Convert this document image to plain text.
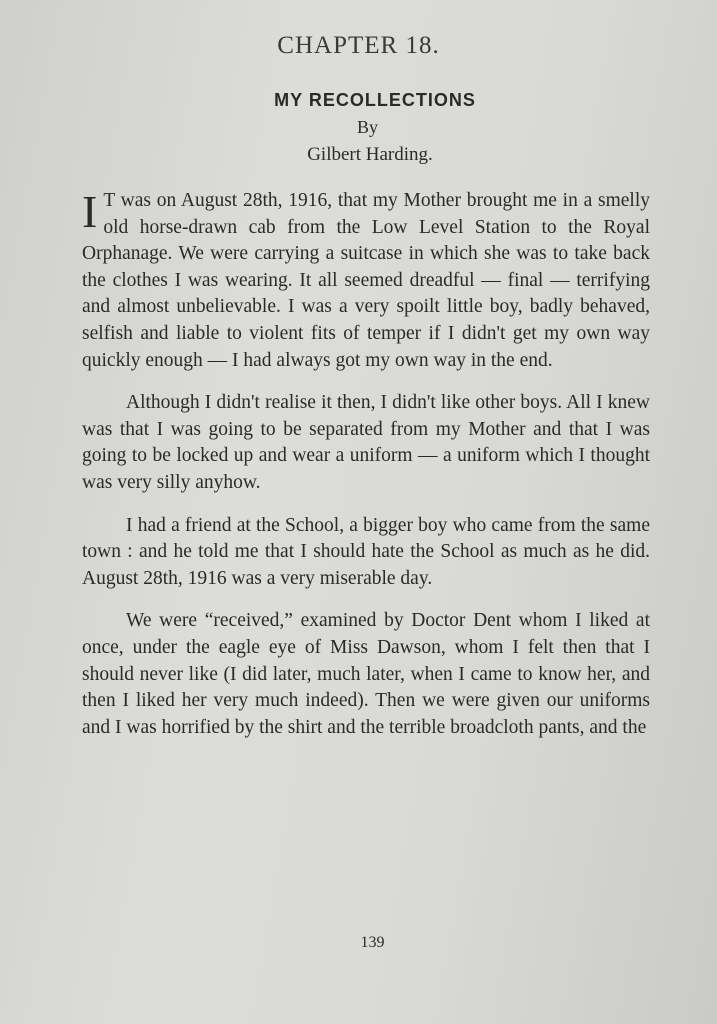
CHAPTER 18.
MY RECOLLECTIONS
By
Gilbert Harding.

I T was on August 28th, 1916, that my Mother brought me in a smelly old horse-drawn cab from the Low Level Station to the Royal Orphanage. We were carrying a suitcase in which she was to take back the clothes I was wearing. It all seemed dreadful — final — terrifying and almost unbelievable. I was a very spoilt little boy, badly behaved, selfish and liable to violent fits of temper if I didn't get my own way quickly enough — I had always got my own way in the end.

Although I didn't realise it then, I didn't like other boys. All I knew was that I was going to be separated from my Mother and that I was going to be locked up and wear a uniform — a uniform which I thought was very silly anyhow.

I had a friend at the School, a bigger boy who came from the same town : and he told me that I should hate the School as much as he did. August 28th, 1916 was a very miserable day.

We were “received,” examined by Doctor Dent whom I liked at once, under the eagle eye of Miss Dawson, whom I felt then that I should never like (I did later, much later, when I came to know her, and then I liked her very much indeed). Then we were given our uniforms and I was horrified by the shirt and the terrible broadcloth pants, and the

139
